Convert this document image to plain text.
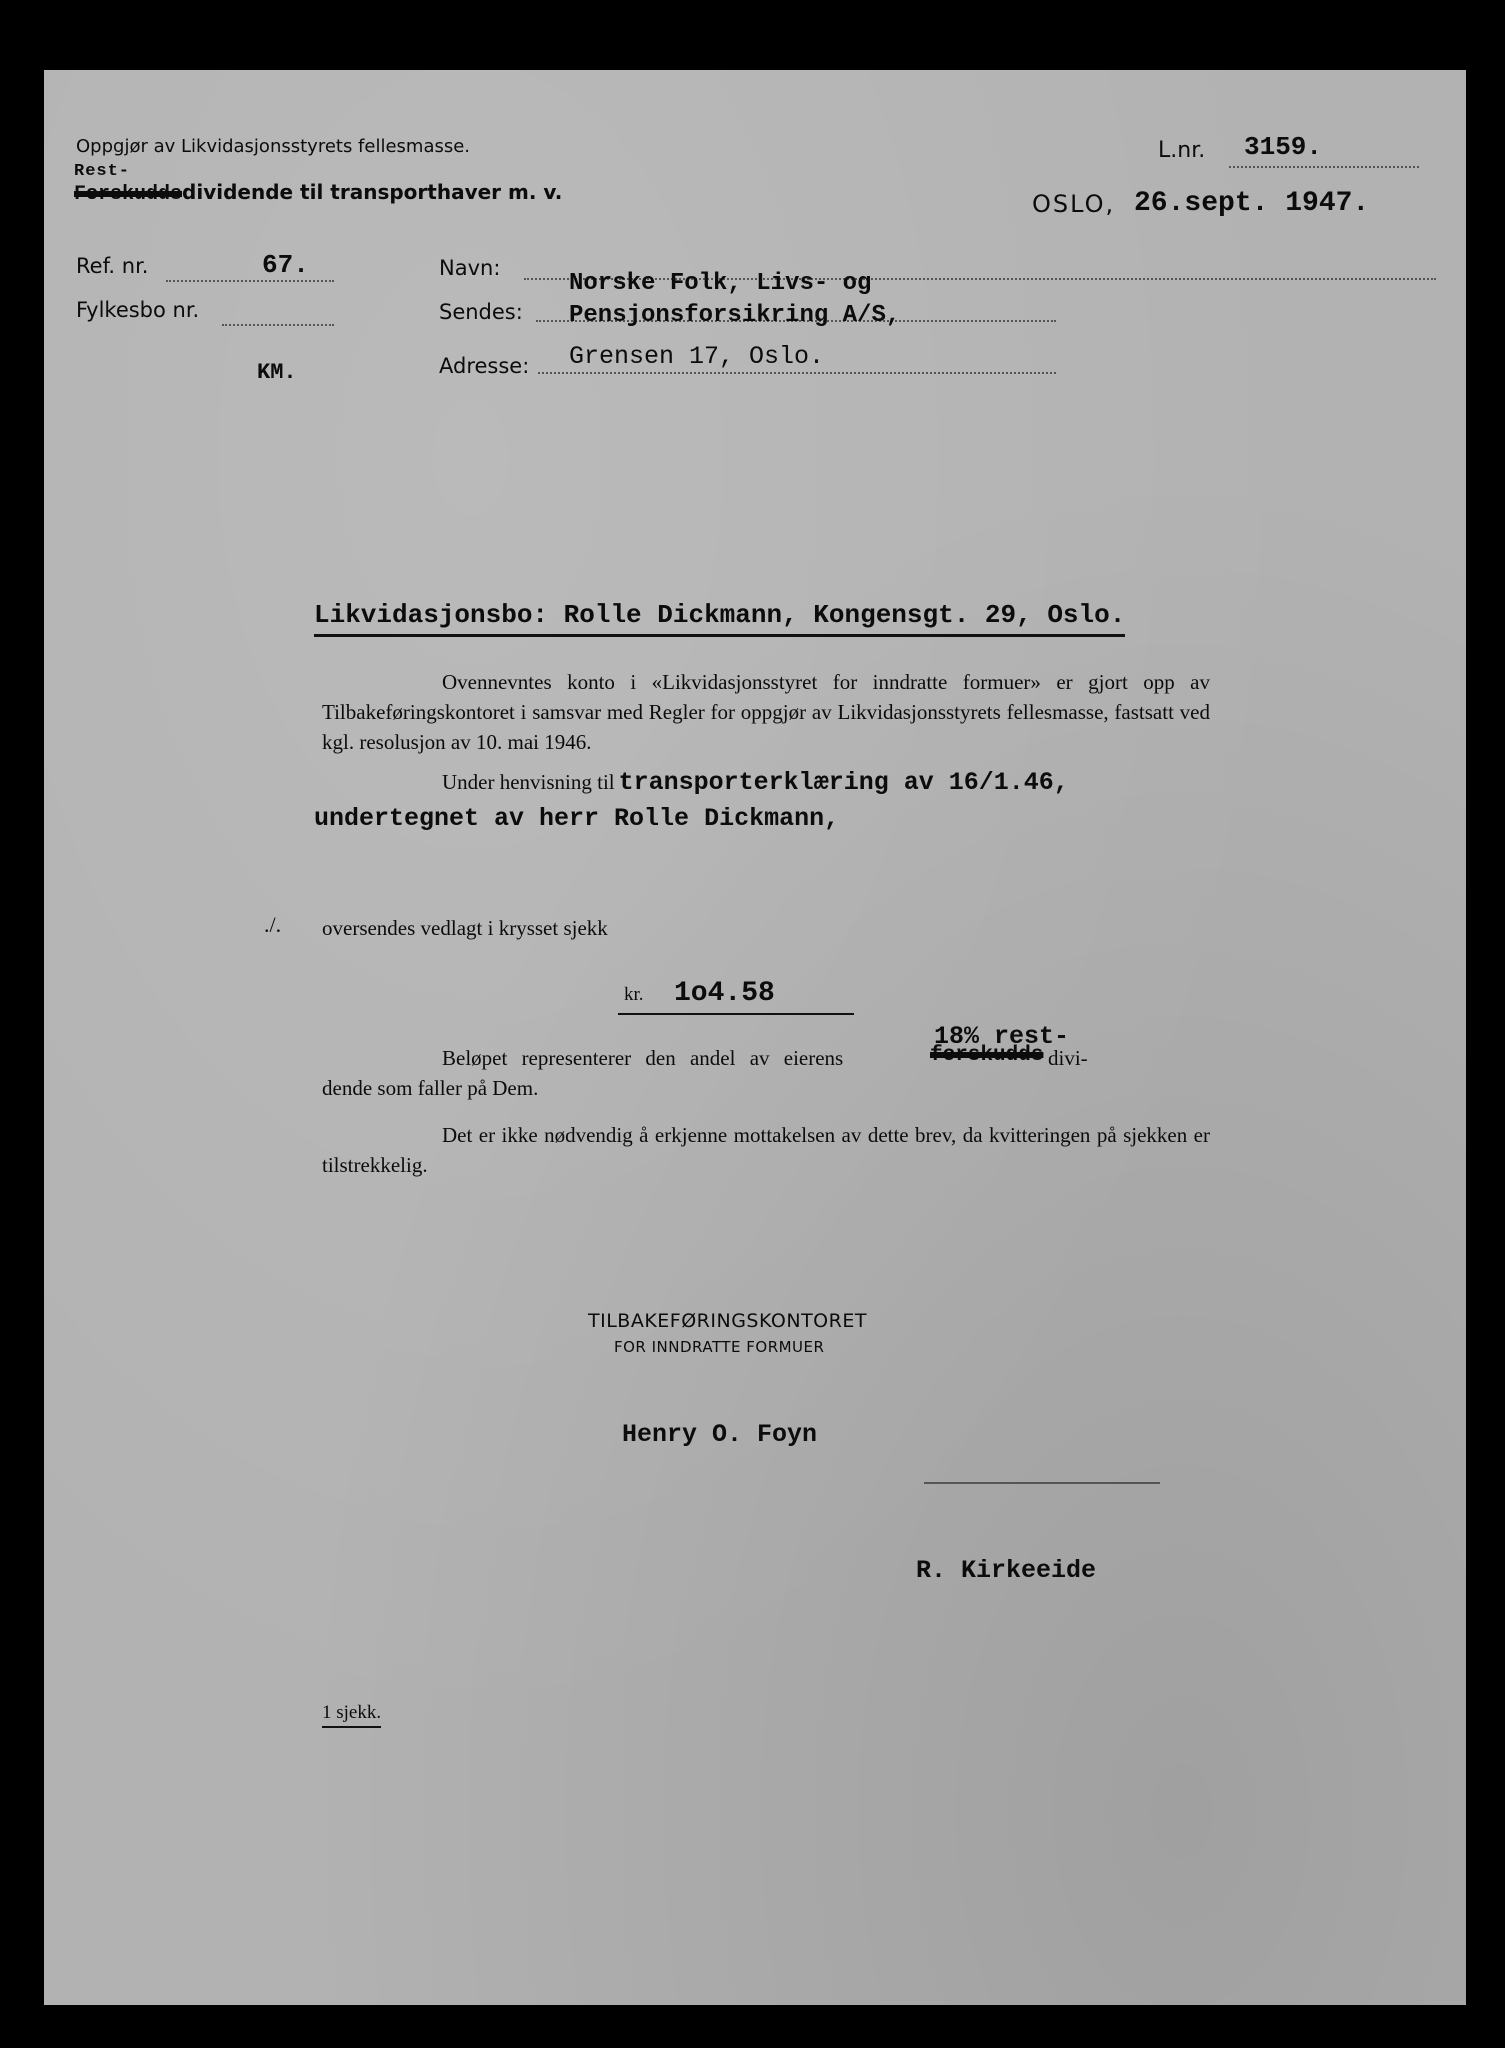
Oppgjør av Likvidasjonsstyrets fellesmasse.
Rest-
Forskuddsdividende til transporthaver m. v.
L.nr. 3159.
OSLO, 26.sept. 1947.
Ref. nr.	67.
Fylkesbo nr.
KM.
Navn:
Sendes:
Adresse:
Norske Folk, Livs- og
Pensjonsforsikring A/S,
Grensen 17, Oslo.
Likvidasjonsbo: Rolle Dickmann, Kongensgt. 29, Oslo.
Ovennevntes konto i «Likvidasjonsstyret for inndratte formuer» er gjort opp av Tilbakeføringskontoret i samsvar med Regler for oppgjør av Likvidasjonsstyrets fellesmasse, fastsatt ved kgl. resolusjon av 10. mai 1946.
Under henvisning til transporterklæring av 16/1.46,
undertegnet av herr Rolle Dickmann,
./. oversendes vedlagt i krysset sjekk
kr. 1o4.58
18% rest-
Beløpet representerer den andel av eierens	forskudds divi-
dende som faller på Dem.
Det er ikke nødvendig å erkjenne mottakelsen av dette brev, da kvitteringen på sjekken er tilstrekkelig.
TILBAKEFØRINGSKONTORET
FOR INNDRATTE FORMUER
Henry O. Foyn
R. Kirkeeide
1 sjekk.
